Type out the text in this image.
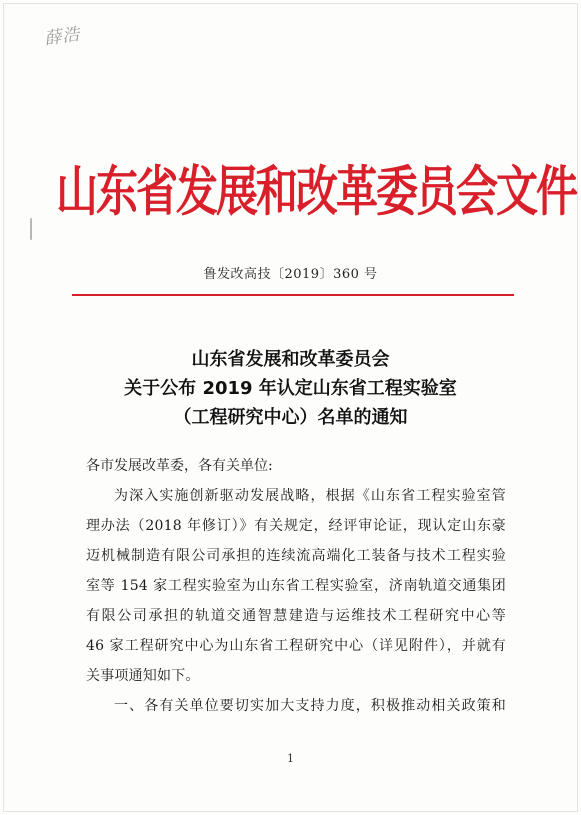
薛浩
山东省发展和改革委员会文件
鲁发改高技〔2019〕360 号
山东省发展和改革委员会
关于公布 2019 年认定山东省工程实验室
（工程研究中心）名单的通知
各市发展改革委，各有关单位:
为深入实施创新驱动发展战略，根据《山东省工程实验室管
理办法（2018 年修订）》有关规定，经评审论证，现认定山东豪
迈机械制造有限公司承担的连续流高端化工装备与技术工程实验
室等 154 家工程实验室为山东省工程实验室，济南轨道交通集团
有限公司承担的轨道交通智慧建造与运维技术工程研究中心等
46 家工程研究中心为山东省工程研究中心（详见附件），并就有
关事项通知如下。
一、各有关单位要切实加大支持力度，积极推动相关政策和
1
